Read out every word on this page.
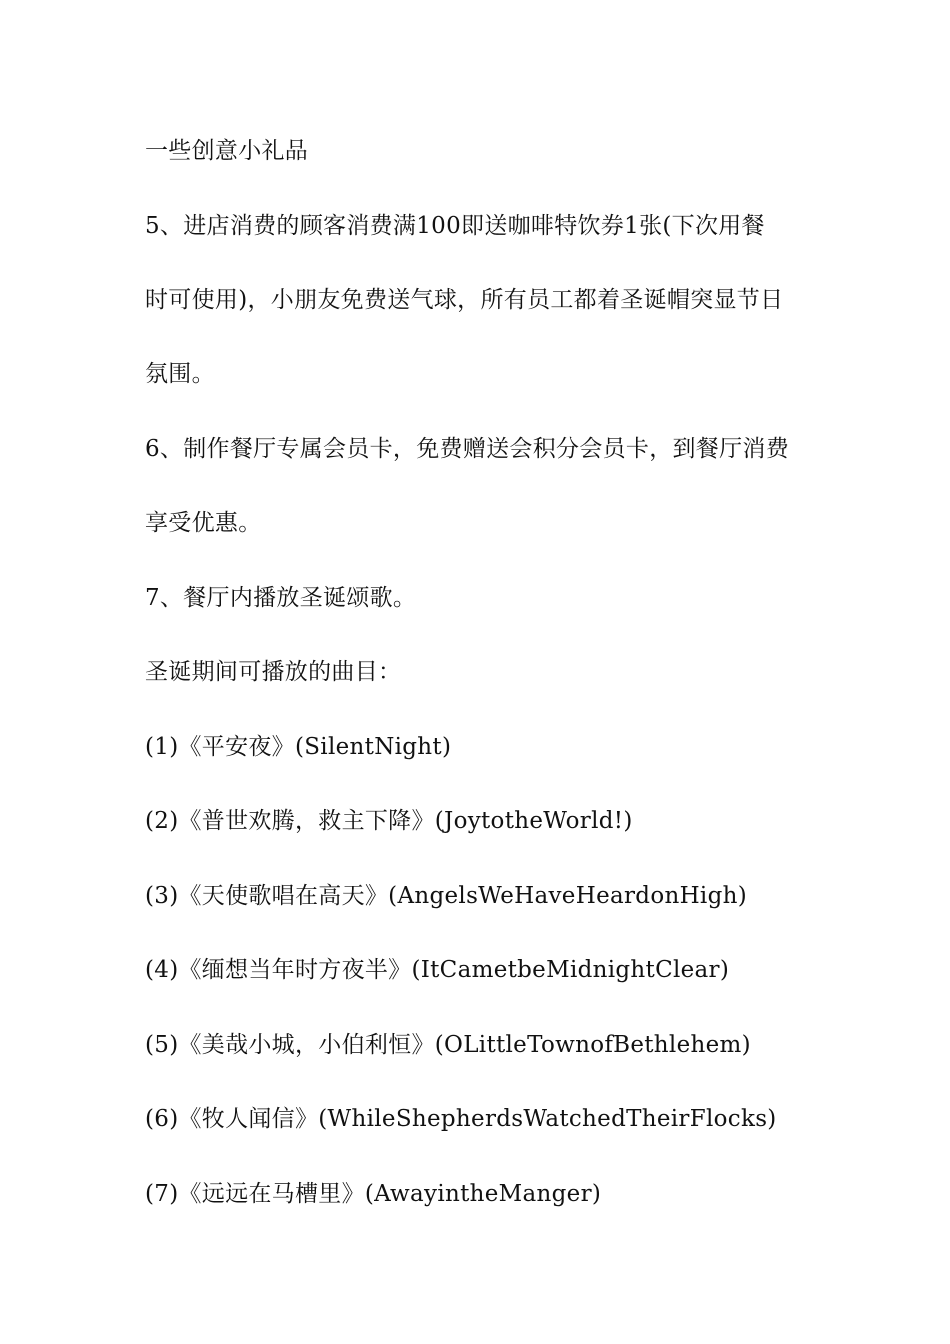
一些创意小礼品
5、进店消费的顾客消费满100即送咖啡特饮券1张(下次用餐
时可使用)，小朋友免费送气球，所有员工都着圣诞帽突显节日
氛围。
6、制作餐厅专属会员卡，免费赠送会积分会员卡，到餐厅消费
享受优惠。
7、餐厅内播放圣诞颂歌。
圣诞期间可播放的曲目：
(1)《平安夜》(SilentNight)
(2)《普世欢腾，救主下降》(JoytotheWorld!)
(3)《天使歌唱在高天》(AngelsWeHaveHeardonHigh)
(4)《缅想当年时方夜半》(ItCametbeMidnightClear)
(5)《美哉小城，小伯利恒》(OLittleTownofBethlehem)
(6)《牧人闻信》(WhileShepherdsWatchedTheirFlocks)
(7)《远远在马槽里》(AwayintheManger)
